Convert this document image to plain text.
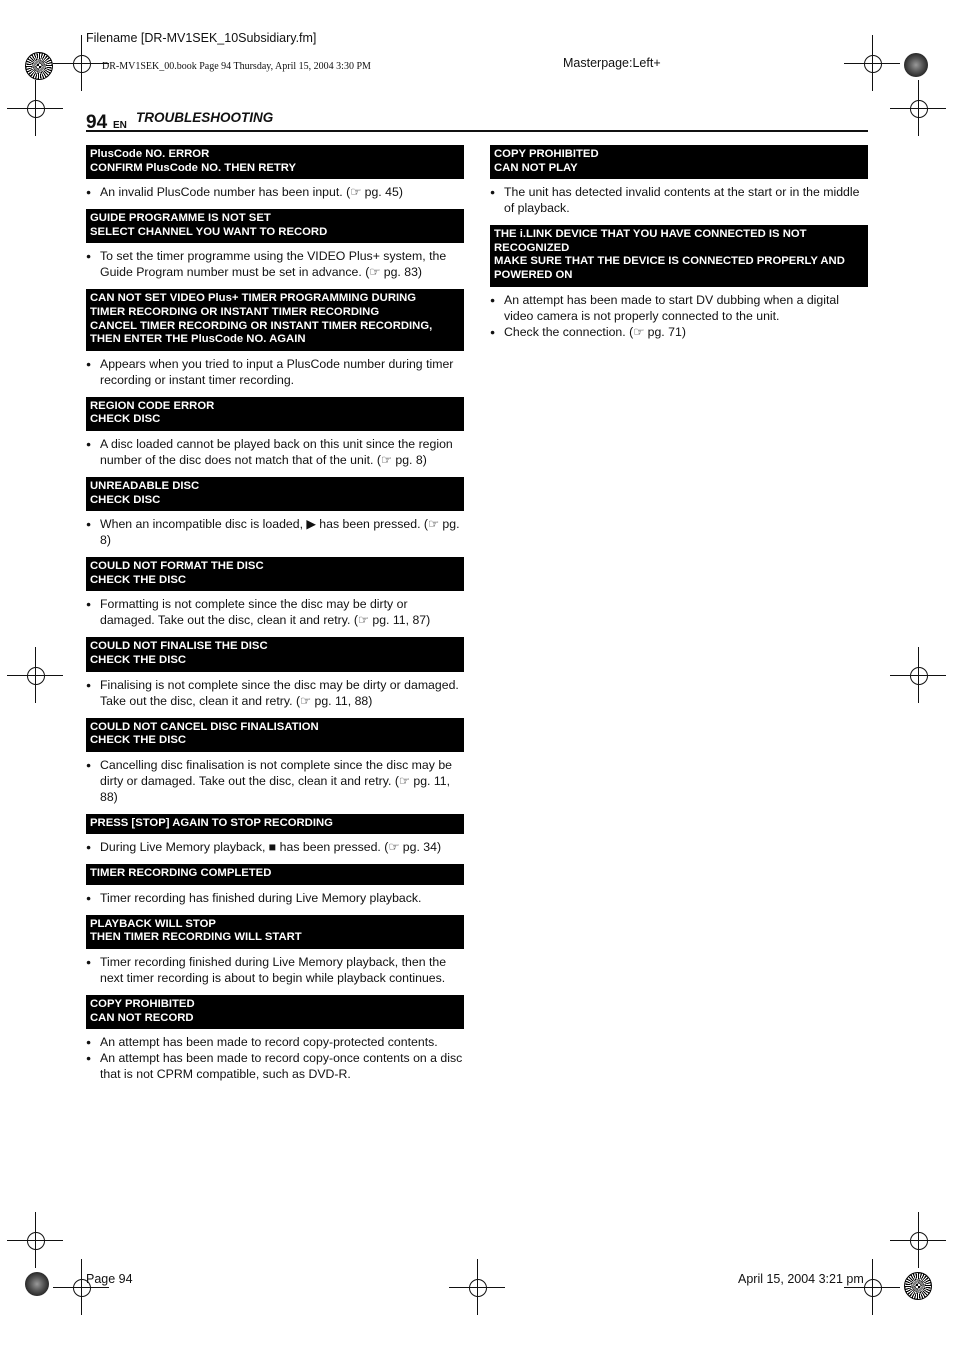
Filename [DR-MV1SEK_10Subsidiary.fm]
DR-MV1SEK_00.book Page 94 Thursday, April 15, 2004 3:30 PM	Masterpage:Left+
94 EN
TROUBLESHOOTING
PlusCode NO. ERROR
CONFIRM PlusCode NO. THEN RETRY
● An invalid PlusCode number has been input. (☞ pg. 45)
GUIDE PROGRAMME IS NOT SET
SELECT CHANNEL YOU WANT TO RECORD
● To set the timer programme using the VIDEO Plus+ system, the Guide Program number must be set in advance. (☞ pg. 83)
CAN NOT SET VIDEO Plus+ TIMER PROGRAMMING DURING
TIMER RECORDING OR INSTANT TIMER RECORDING
CANCEL TIMER RECORDING OR INSTANT TIMER RECORDING,
THEN ENTER THE PlusCode NO. AGAIN
● Appears when you tried to input a PlusCode number during timer recording or instant timer recording.
REGION CODE ERROR
CHECK DISC
● A disc loaded cannot be played back on this unit since the region number of the disc does not match that of the unit. (☞ pg. 8)
UNREADABLE DISC
CHECK DISC
● When an incompatible disc is loaded, ▶ has been pressed. (☞ pg. 8)
COULD NOT FORMAT THE DISC
CHECK THE DISC
● Formatting is not complete since the disc may be dirty or damaged. Take out the disc, clean it and retry. (☞ pg. 11, 87)
COULD NOT FINALISE THE DISC
CHECK THE DISC
● Finalising is not complete since the disc may be dirty or damaged. Take out the disc, clean it and retry. (☞ pg. 11, 88)
COULD NOT CANCEL DISC FINALISATION
CHECK THE DISC
● Cancelling disc finalisation is not complete since the disc may be dirty or damaged. Take out the disc, clean it and retry. (☞ pg. 11, 88)
PRESS [STOP] AGAIN TO STOP RECORDING
● During Live Memory playback, ■ has been pressed. (☞ pg. 34)
TIMER RECORDING COMPLETED
● Timer recording has finished during Live Memory playback.
PLAYBACK WILL STOP
THEN TIMER RECORDING WILL START
● Timer recording finished during Live Memory playback, then the next timer recording is about to begin while playback continues.
COPY PROHIBITED
CAN NOT RECORD
● An attempt has been made to record copy-protected contents.
● An attempt has been made to record copy-once contents on a disc that is not CPRM compatible, such as DVD-R.
COPY PROHIBITED
CAN NOT PLAY
● The unit has detected invalid contents at the start or in the middle of playback.
THE i.LINK DEVICE THAT YOU HAVE CONNECTED IS NOT
RECOGNIZED
MAKE SURE THAT THE DEVICE IS CONNECTED PROPERLY AND
POWERED ON
● An attempt has been made to start DV dubbing when a digital video camera is not properly connected to the unit.
● Check the connection. (☞ pg. 71)
Page 94	April 15, 2004 3:21 pm
